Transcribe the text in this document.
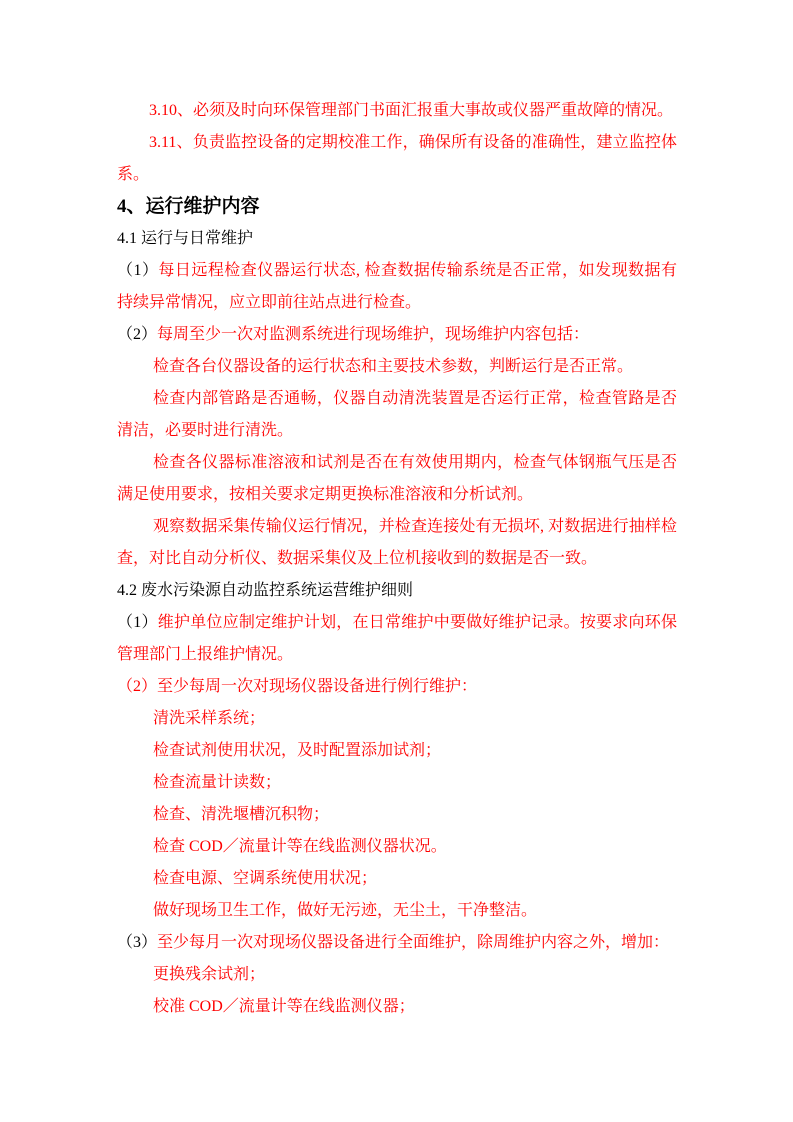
3.10、必须及时向环保管理部门书面汇报重大事故或仪器严重故障的情况。

3.11、负责监控设备的定期校准工作，确保所有设备的准确性，建立监控体系。

4、运行维护内容

4.1 运行与日常维护

（1）每日远程检查仪器运行状态, 检查数据传输系统是否正常，如发现数据有持续异常情况，应立即前往站点进行检查。

（2）每周至少一次对监测系统进行现场维护，现场维护内容包括：

检查各台仪器设备的运行状态和主要技术参数，判断运行是否正常。

检查内部管路是否通畅，仪器自动清洗装置是否运行正常，检查管路是否清洁，必要时进行清洗。

检查各仪器标准溶液和试剂是否在有效使用期内，检查气体钢瓶气压是否满足使用要求，按相关要求定期更换标准溶液和分析试剂。

观察数据采集传输仪运行情况，并检查连接处有无损坏, 对数据进行抽样检查，对比自动分析仪、数据采集仪及上位机接收到的数据是否一致。

4.2 废水污染源自动监控系统运营维护细则

（1）维护单位应制定维护计划，在日常维护中要做好维护记录。按要求向环保管理部门上报维护情况。

（2）至少每周一次对现场仪器设备进行例行维护：

清洗采样系统；

检查试剂使用状况，及时配置添加试剂；

检查流量计读数；

检查、清洗堰槽沉积物；

检查 COD／流量计等在线监测仪器状况。

检查电源、空调系统使用状况；

做好现场卫生工作，做好无污迹，无尘土，干净整洁。

（3）至少每月一次对现场仪器设备进行全面维护，除周维护内容之外，增加：

更换残余试剂；

校准 COD／流量计等在线监测仪器；
